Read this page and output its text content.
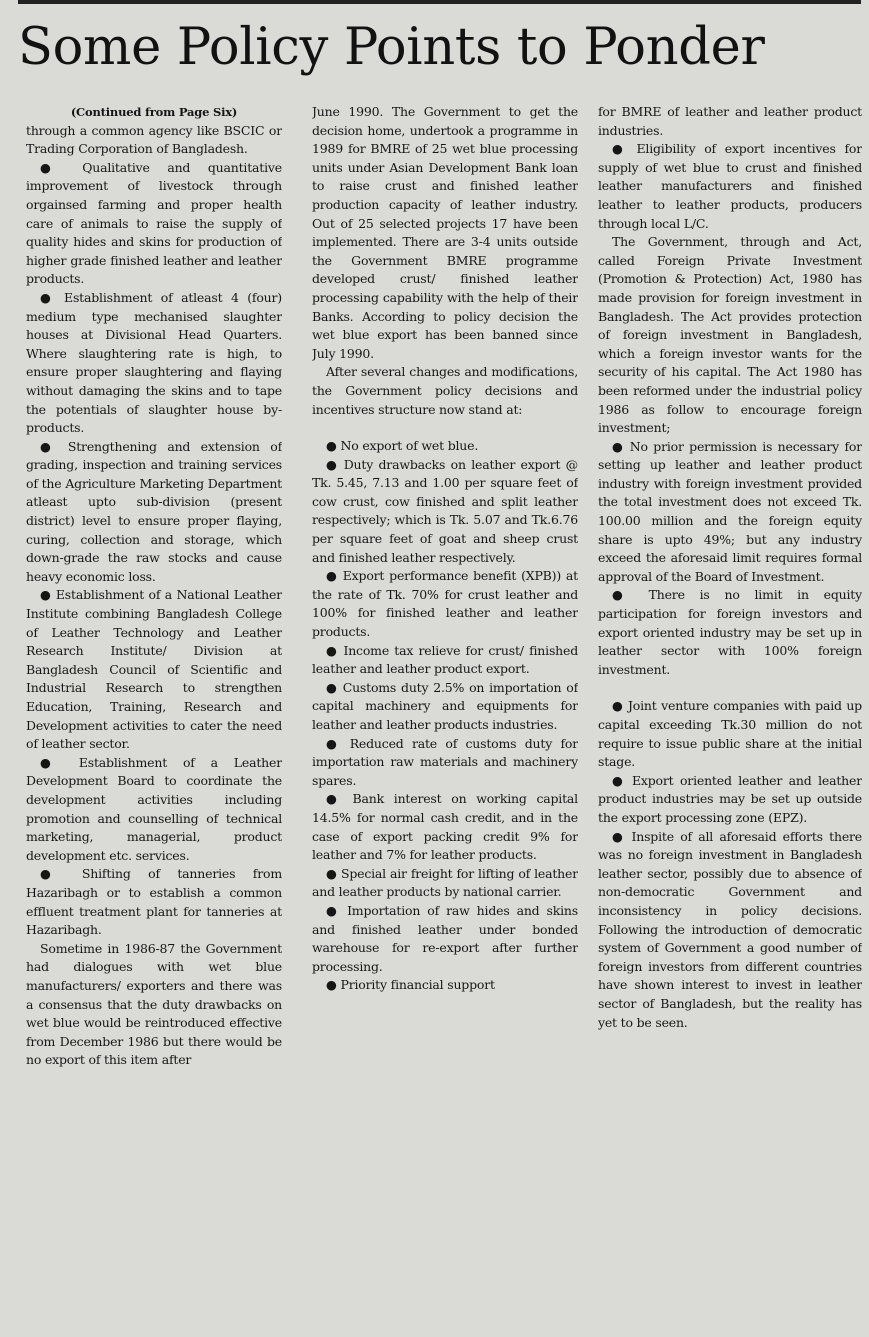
Some Policy Points to Ponder

(Continued from Page Six)

through a common agency like BSCIC or Trading Corporation of Bangladesh.

● Qualitative and quantitative improvement of livestock through orgainsed farming and proper health care of animals to raise the supply of quality hides and skins for production of higher grade finished leather and leather products.

● Establishment of atleast 4 (four) medium type mechanised slaughter houses at Divisional Head Quarters. Where slaughtering rate is high, to ensure proper slaughtering and flaying without damaging the skins and to tape the potentials of slaughter house by-products.

● Strengthening and extension of grading, inspection and training services of the Agriculture Marketing Department atleast upto sub-division (present district) level to ensure proper flaying, curing, collection and storage, which down-grade the raw stocks and cause heavy economic loss.

● Establishment of a National Leather Institute combining Bangladesh College of Leather Technology and Leather Research Institute/ Division at Bangladesh Council of Scientific and Industrial Research to strengthen Education, Training, Research and Development activities to cater the need of leather sector.

● Establishment of a Leather Development Board to coordinate the development activities including promotion and counselling of technical marketing, managerial, product development etc. services.

● Shifting of tanneries from Hazaribagh or to establish a common effluent treatment plant for tanneries at Hazaribagh.

Sometime in 1986-87 the Government had dialogues with wet blue manufacturers/ exporters and there was a consensus that the duty drawbacks on wet blue would be reintroduced effective from December 1986 but there would be no export of this item after

June 1990. The Government to get the decision home, undertook a programme in 1989 for BMRE of 25 wet blue processing units under Asian Development Bank loan to raise crust and finished leather production capacity of leather industry. Out of 25 selected projects 17 have been implemented. There are 3-4 units outside the Government BMRE programme developed crust/ finished leather processing capability with the help of their Banks. According to policy decision the wet blue export has been banned since July 1990.

After several changes and modifications, the Government policy decisions and incentives structure now stand at:

● No export of wet blue.

● Duty drawbacks on leather export @ Tk. 5.45, 7.13 and 1.00 per square feet of cow crust, cow finished and split leather respectively; which is Tk. 5.07 and Tk.6.76 per square feet of goat and sheep crust and finished leather respectively.

● Export performance benefit (XPB)) at the rate of Tk. 70% for crust leather and 100% for finished leather and leather products.

● Income tax relieve for crust/ finished leather and leather product export.

● Customs duty 2.5% on importation of capital machinery and equipments for leather and leather products industries.

● Reduced rate of customs duty for importation raw materials and machinery spares.

● Bank interest on working capital 14.5% for normal cash credit, and in the case of export packing credit 9% for leather and 7% for leather products.

● Special air freight for lifting of leather and leather products by national carrier.

● Importation of raw hides and skins and finished leather under bonded warehouse for re-export after further processing.

● Priority financial support

for BMRE of leather and leather product industries.

● Eligibility of export incentives for supply of wet blue to crust and finished leather manufacturers and finished leather to leather products, producers through local L/C.

The Government, through and Act, called Foreign Private Investment (Promotion & Protection) Act, 1980 has made provision for foreign investment in Bangladesh. The Act provides protection of foreign investment in Bangladesh, which a foreign investor wants for the security of his capital. The Act 1980 has been reformed under the industrial policy 1986 as follow to encourage foreign investment;

● No prior permission is necessary for setting up leather and leather product industry with foreign investment provided the total investment does not exceed Tk. 100.00 million and the foreign equity share is upto 49%; but any industry exceed the aforesaid limit requires formal approval of the Board of Investment.

● There is no limit in equity participation for foreign investors and export oriented industry may be set up in leather sector with 100% foreign investment.

● Joint venture companies with paid up capital exceeding Tk.30 million do not require to issue public share at the initial stage.

● Export oriented leather and leather product industries may be set up outside the export processing zone (EPZ).

● Inspite of all aforesaid efforts there was no foreign investment in Bangladesh leather sector, possibly due to absence of non-democratic Government and inconsistency in policy decisions. Following the introduction of democratic system of Government a good number of foreign investors from different countries have shown interest to invest in leather sector of Bangladesh, but the reality has yet to be seen.
